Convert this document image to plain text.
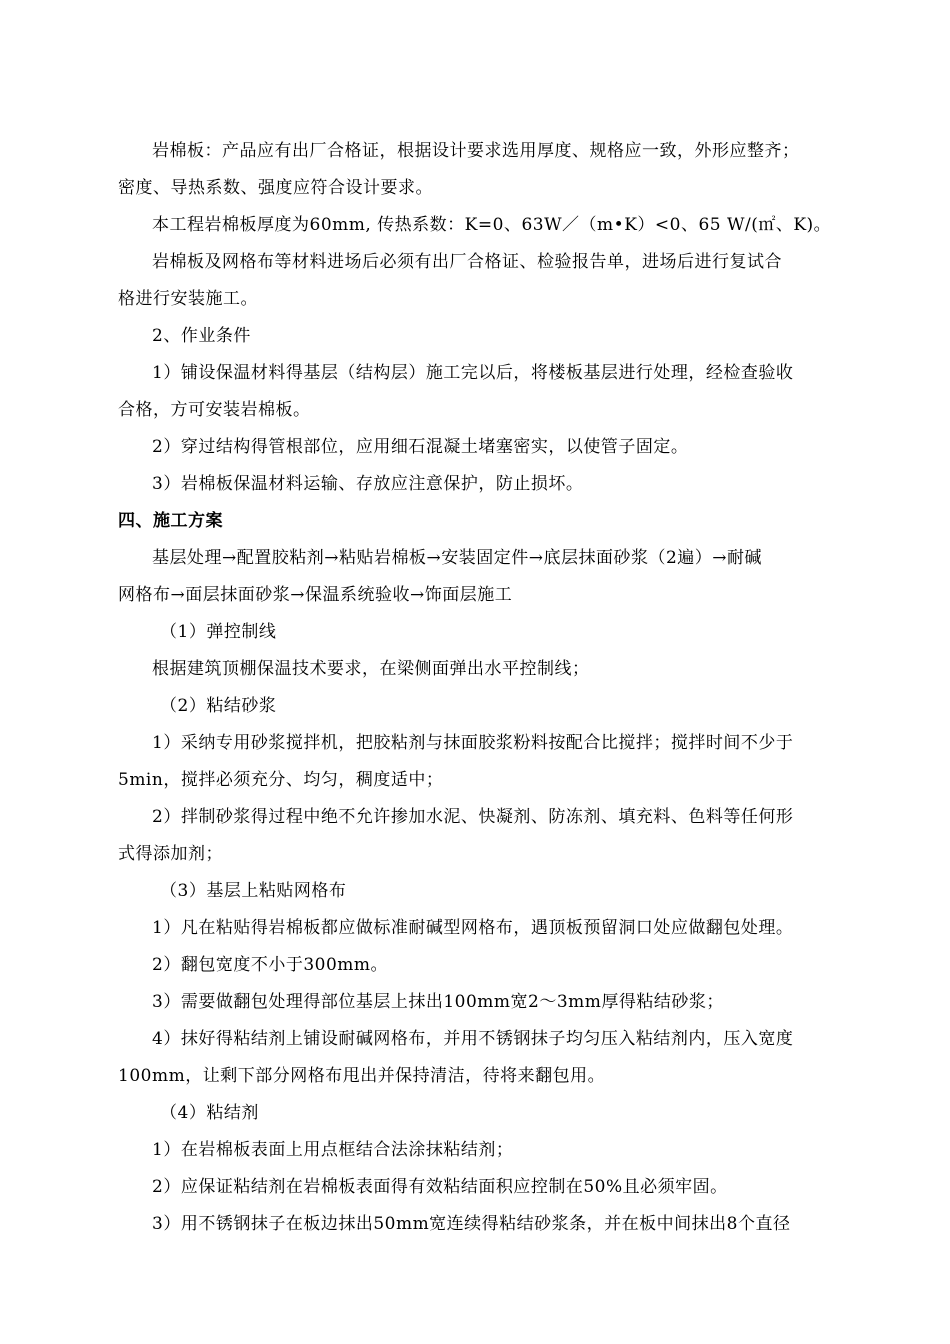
岩棉板：产品应有出厂合格证，根据设计要求选用厚度、规格应一致，外形应整齐；
密度、导热系数、强度应符合设计要求。
本工程岩棉板厚度为60mm, 传热系数：K=0、63W／（m•K）<0、65 W/(㎡、K)。
岩棉板及网格布等材料进场后必须有出厂合格证、检验报告单，进场后进行复试合
格进行安装施工。
2、作业条件
1）铺设保温材料得基层（结构层）施工完以后，将楼板基层进行处理，经检查验收
合格，方可安装岩棉板。
2）穿过结构得管根部位，应用细石混凝土堵塞密实，以使管子固定。
3）岩棉板保温材料运输、存放应注意保护，防止损坏。
四、施工方案
基层处理→配置胶粘剂→粘贴岩棉板→安装固定件→底层抹面砂浆（2遍）→耐碱
网格布→面层抹面砂浆→保温系统验收→饰面层施工
（1）弹控制线
根据建筑顶棚保温技术要求，在梁侧面弹出水平控制线；
（2）粘结砂浆
1）采纳专用砂浆搅拌机，把胶粘剂与抹面胶浆粉料按配合比搅拌；搅拌时间不少于
5min，搅拌必须充分、均匀，稠度适中；
2）拌制砂浆得过程中绝不允许掺加水泥、快凝剂、防冻剂、填充料、色料等任何形
式得添加剂；
（3）基层上粘贴网格布
1）凡在粘贴得岩棉板都应做标准耐碱型网格布，遇顶板预留洞口处应做翻包处理。
2）翻包宽度不小于300mm。
3）需要做翻包处理得部位基层上抹出100mm宽2～3mm厚得粘结砂浆；
4）抹好得粘结剂上铺设耐碱网格布，并用不锈钢抹子均匀压入粘结剂内，压入宽度
100mm，让剩下部分网格布甩出并保持清洁，待将来翻包用。
（4）粘结剂
1）在岩棉板表面上用点框结合法涂抹粘结剂；
2）应保证粘结剂在岩棉板表面得有效粘结面积应控制在50%且必须牢固。
3）用不锈钢抹子在板边抹出50mm宽连续得粘结砂浆条，并在板中间抹出8个直径
